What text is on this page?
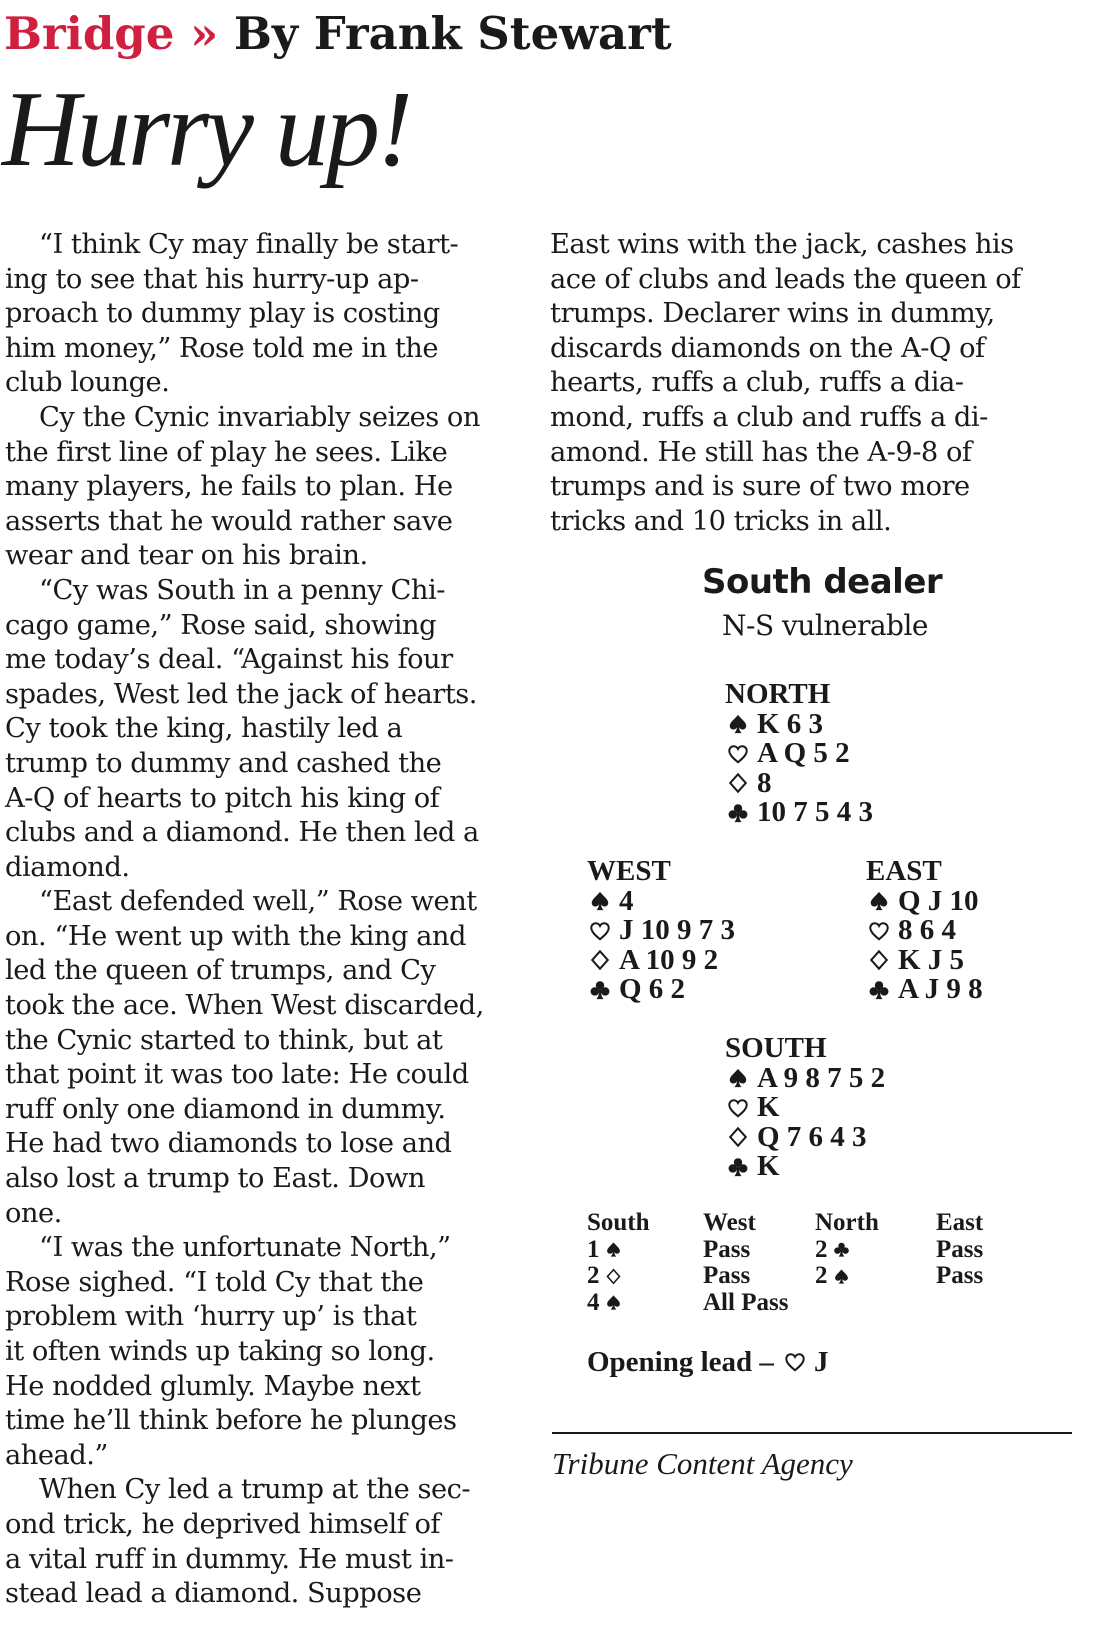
Bridge » By Frank Stewart
Hurry up!
“I think Cy may finally be start-
ing to see that his hurry-up ap-
proach to dummy play is costing
him money,” Rose told me in the
club lounge.
Cy the Cynic invariably seizes on
the first line of play he sees. Like
many players, he fails to plan. He
asserts that he would rather save
wear and tear on his brain.
“Cy was South in a penny Chi-
cago game,” Rose said, showing
me today’s deal. “Against his four
spades, West led the jack of hearts.
Cy took the king, hastily led a
trump to dummy and cashed the
A-Q of hearts to pitch his king of
clubs and a diamond. He then led a
diamond.
“East defended well,” Rose went
on. “He went up with the king and
led the queen of trumps, and Cy
took the ace. When West discarded,
the Cynic started to think, but at
that point it was too late: He could
ruff only one diamond in dummy.
He had two diamonds to lose and
also lost a trump to East. Down
one.
“I was the unfortunate North,”
Rose sighed. “I told Cy that the
problem with ‘hurry up’ is that
it often winds up taking so long.
He nodded glumly. Maybe next
time he’ll think before he plunges
ahead.”
When Cy led a trump at the sec-
ond trick, he deprived himself of
a vital ruff in dummy. He must in-
stead lead a diamond. Suppose
East wins with the jack, cashes his
ace of clubs and leads the queen of
trumps. Declarer wins in dummy,
discards diamonds on the A-Q of
hearts, ruffs a club, ruffs a dia-
mond, ruffs a club and ruffs a di-
amond. He still has the A-9-8 of
trumps and is sure of two more
tricks and 10 tricks in all.
South dealer
N-S vulnerable
NORTH
K 6 3
A Q 5 2
8
10 7 5 4 3
WEST
4
J 10 9 7 3
A 10 9 2
Q 6 2
EAST
Q J 10
8 6 4
K J 5
A J 9 8
SOUTH
A 9 8 7 5 2
K
Q 7 6 4 3
K
South
1
2
4
West
Pass
Pass
All Pass
North
2
2
East
Pass
Pass
Opening lead – J
Tribune Content Agency
